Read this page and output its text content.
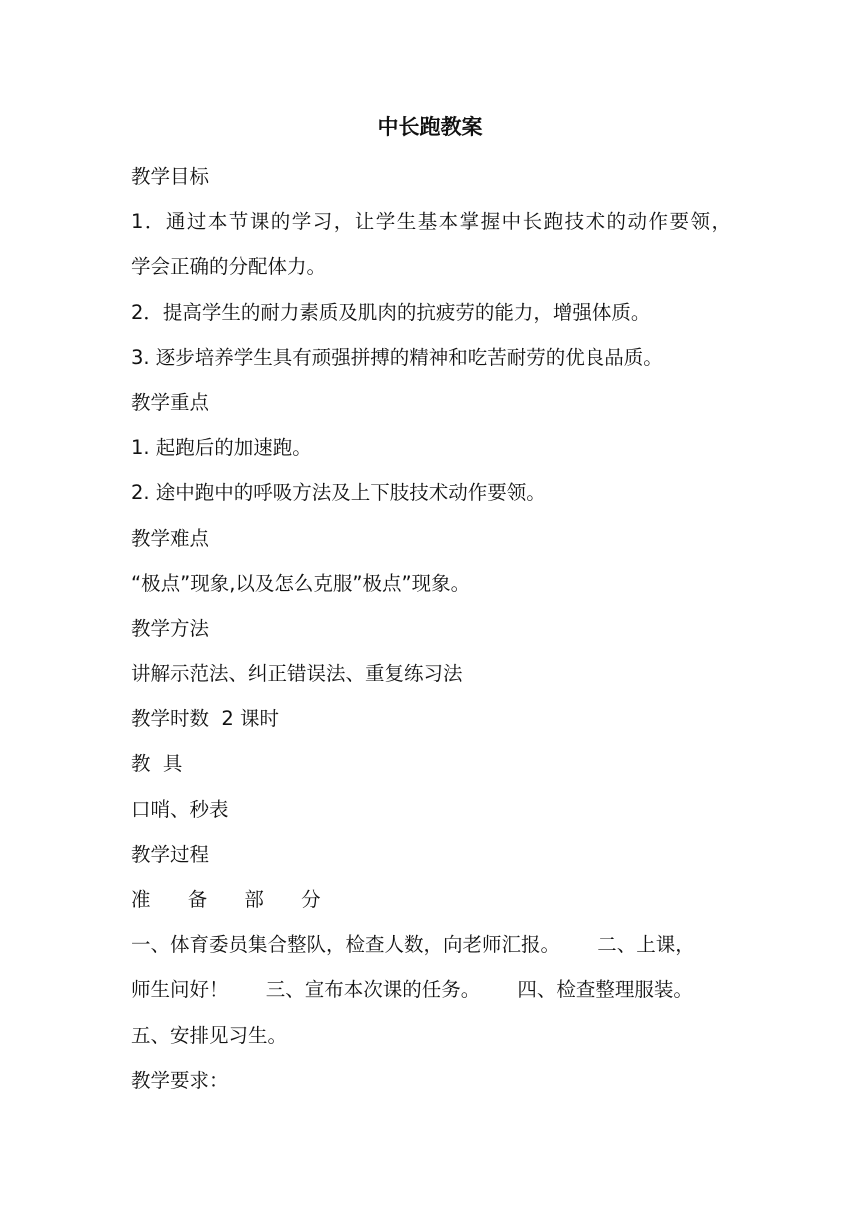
中长跑教案

教学目标

1．通过本节课的学习，让学生基本掌握中长跑技术的动作要领，

学会正确的分配体力。

2．提高学生的耐力素质及肌肉的抗疲劳的能力，增强体质。

3. 逐步培养学生具有顽强拼搏的精神和吃苦耐劳的优良品质。

教学重点

1. 起跑后的加速跑。

2. 途中跑中的呼吸方法及上下肢技术动作要领。

教学难点

“极点”现象,以及怎么克服”极点”现象。

教学方法

讲解示范法、纠正错误法、重复练习法

教学时数  2 课时

教  具

口哨、秒表

教学过程

准      备      部      分

一、体育委员集合整队，检查人数，向老师汇报。      二、上课，

师生问好！      三、宣布本次课的任务。      四、检查整理服装。

五、安排见习生。

教学要求：
